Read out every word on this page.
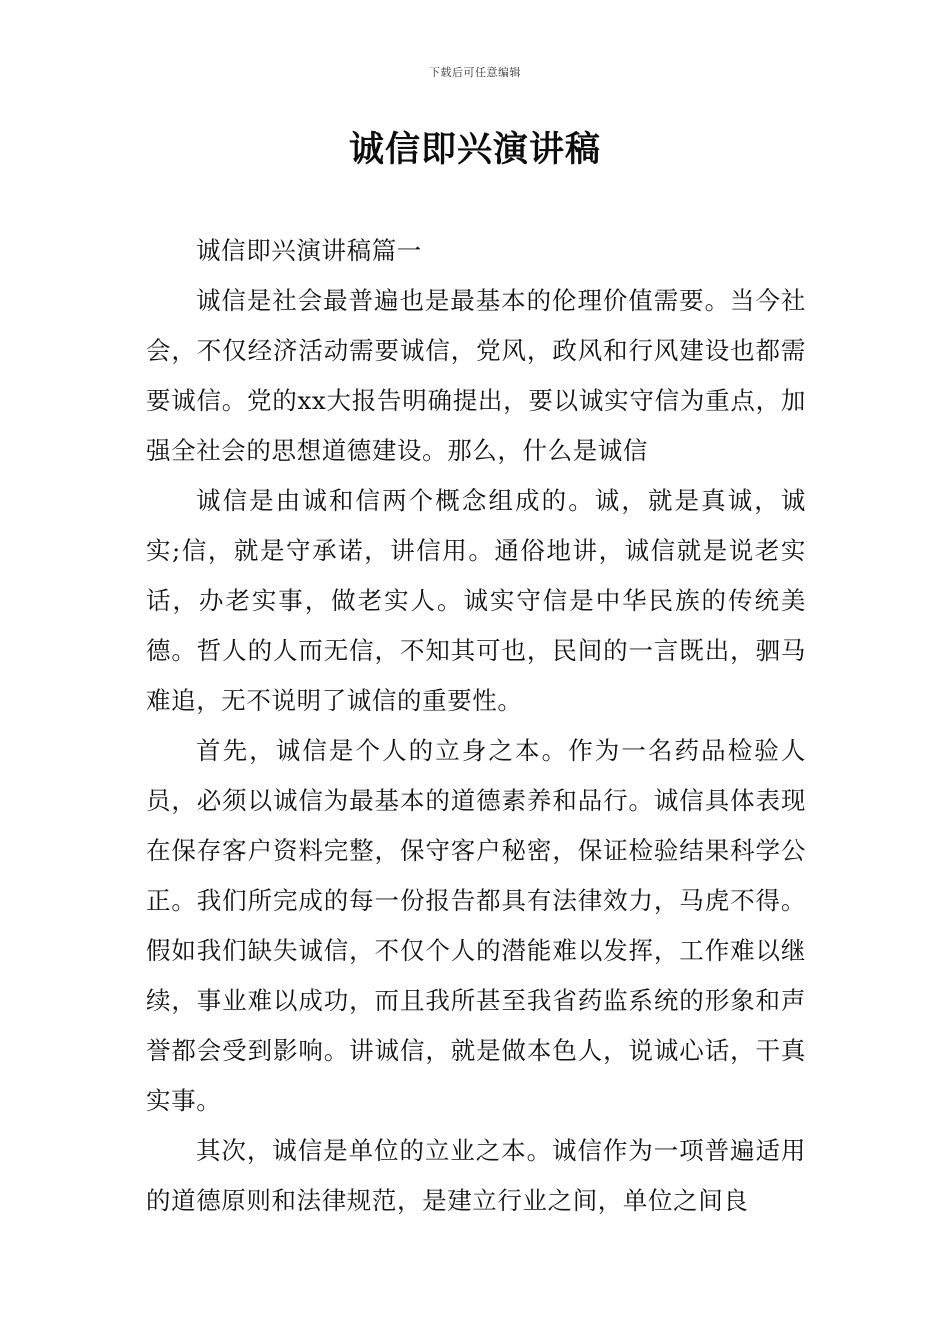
下载后可任意编辑
诚信即兴演讲稿

诚信即兴演讲稿篇一

诚信是社会最普遍也是最基本的伦理价值需要。当今社会，不仅经济活动需要诚信，党风，政风和行风建设也都需要诚信。党的xx大报告明确提出，要以诚实守信为重点，加强全社会的思想道德建设。那么，什么是诚信

诚信是由诚和信两个概念组成的。诚，就是真诚，诚实;信，就是守承诺，讲信用。通俗地讲，诚信就是说老实话，办老实事，做老实人。诚实守信是中华民族的传统美德。哲人的人而无信，不知其可也，民间的一言既出，驷马难追，无不说明了诚信的重要性。

首先，诚信是个人的立身之本。作为一名药品检验人员，必须以诚信为最基本的道德素养和品行。诚信具体表现在保存客户资料完整，保守客户秘密，保证检验结果科学公正。我们所完成的每一份报告都具有法律效力，马虎不得。假如我们缺失诚信，不仅个人的潜能难以发挥，工作难以继续，事业难以成功，而且我所甚至我省药监系统的形象和声誉都会受到影响。讲诚信，就是做本色人，说诚心话，干真实事。

其次，诚信是单位的立业之本。诚信作为一项普遍适用的道德原则和法律规范，是建立行业之间，单位之间良
